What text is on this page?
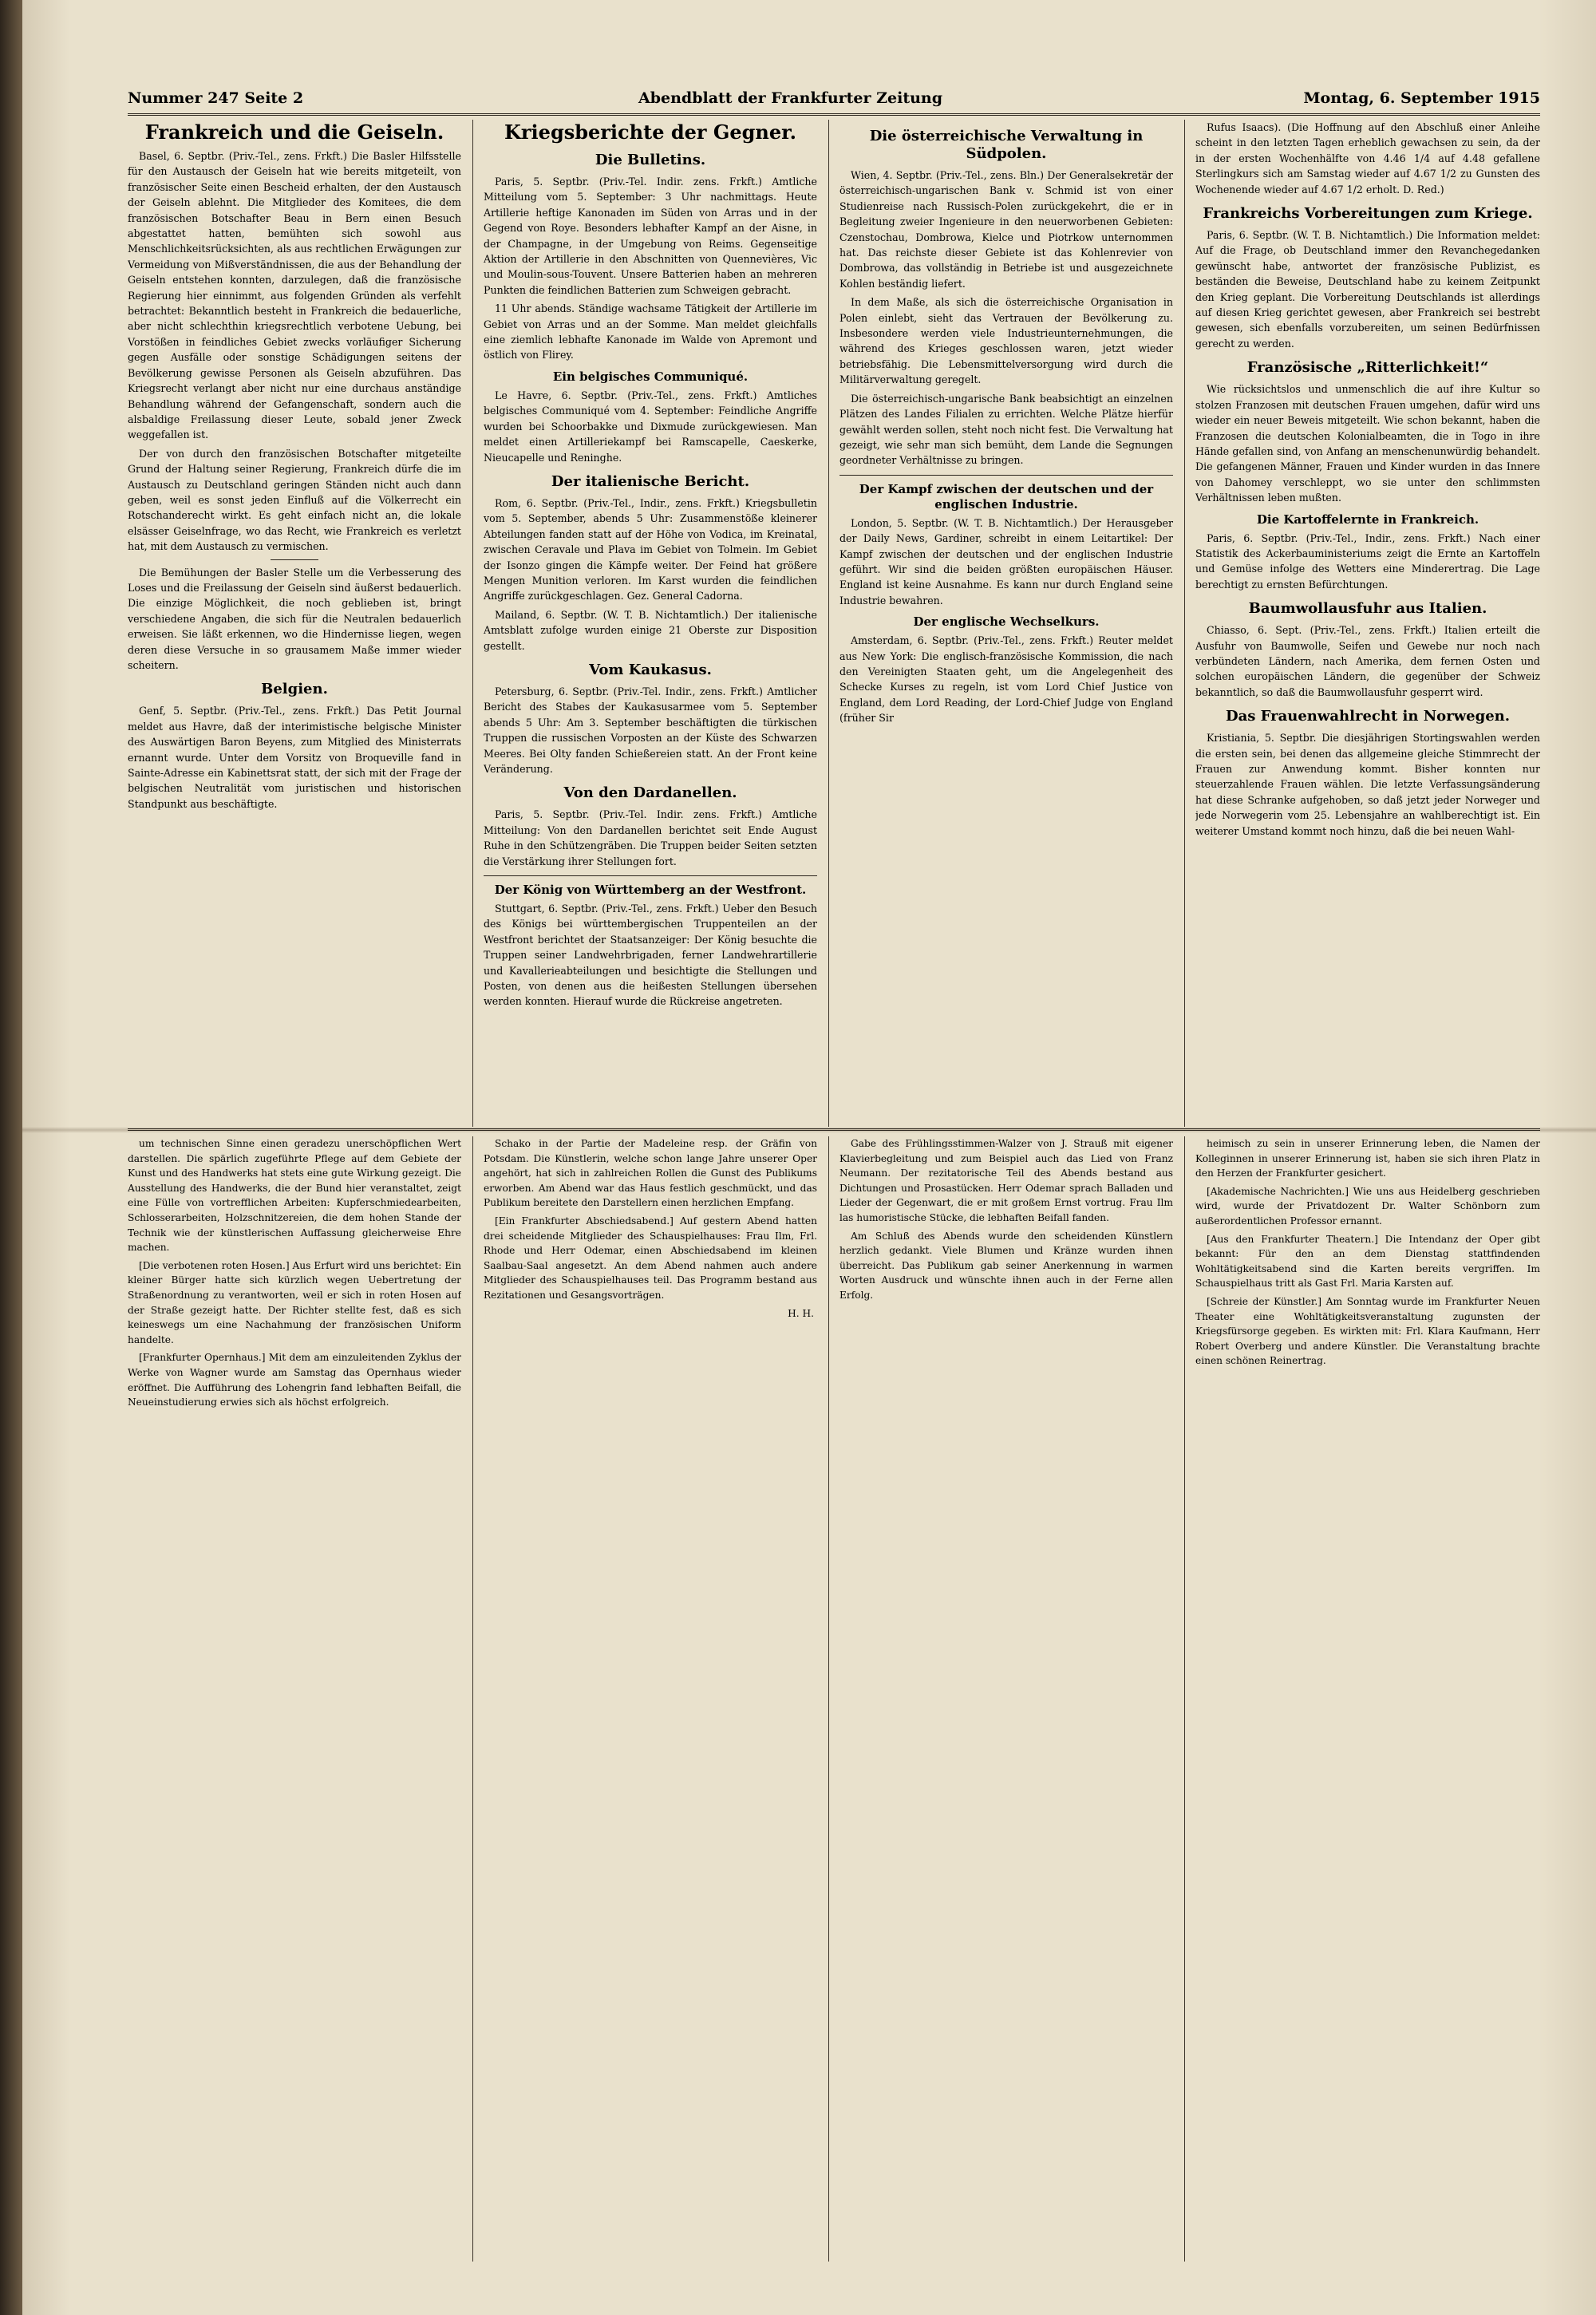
Nummer 247 Seite 2	Abendblatt der Frankfurter Zeitung	Montag, 6. September 1915
Frankreich und die Geiseln.

Basel, 6. Septbr. (Priv.-Tel., zens. Frkft.) Die Basler Hilfsstelle für den Austausch der Geiseln hat wie bereits mitgeteilt, von französischer Seite einen Bescheid erhalten, der den Austausch der Geiseln ablehnt. Die Mitglieder des Komitees, die dem französischen Botschafter Beau in Bern einen Besuch abgestattet hatten, bemühten sich sowohl aus Menschlichkeitsrücksichten, als aus rechtlichen Erwägungen zur Vermeidung von Mißverständnissen, die aus der Behandlung der Geiseln entstehen konnten, darzulegen, daß die französische Regierung hier einnimmt, aus folgenden Gründen als verfehlt betrachtet: Bekanntlich besteht in Frankreich die bedauerliche, aber nicht schlechthin kriegsrechtlich verbotene Uebung, bei Vorstößen in feindliches Gebiet zwecks vorläufiger Sicherung gegen Ausfälle oder sonstige Schädigungen seitens der Bevölkerung gewisse Personen als Geiseln abzuführen. Das Kriegsrecht verlangt aber nicht nur eine durchaus anständige Behandlung während der Gefangenschaft, sondern auch die alsbaldige Freilassung dieser Leute, sobald jener Zweck weggefallen ist.

Der von durch den französischen Botschafter mitgeteilte Grund der Haltung seiner Regierung, Frankreich dürfe die im Austausch zu Deutschland geringen Ständen nicht auch dann geben, weil es sonst jeden Einfluß auf die Völkerrecht ein Rotschanderecht wirkt. Es geht einfach nicht an, die lokale elsässer Geiselnfrage, wo das Recht, wie Frankreich es verletzt hat, mit dem Austausch zu vermischen.

Die Bemühungen der Basler Stelle um die Verbesserung des Loses und die Freilassung der Geiseln sind äußerst bedauerlich. Die einzige Möglichkeit, die noch geblieben ist, bringt verschiedene Angaben, die sich für die Neutralen bedauerlich erweisen. Sie läßt erkennen, wo die Hindernisse liegen, wegen deren diese Versuche in so grausamem Maße immer wieder scheitern.

Belgien.

Genf, 5. Septbr. (Priv.-Tel., zens. Frkft.) Das Petit Journal meldet aus Havre, daß der interimistische belgische Minister des Auswärtigen Baron Beyens, zum Mitglied des Ministerrats ernannt wurde. Unter dem Vorsitz von Broqueville fand in Sainte-Adresse ein Kabinettsrat statt, der sich mit der Frage der belgischen Neutralität vom juristischen und historischen Standpunkt aus beschäftigte.

Kriegsberichte der Gegner.
Die Bulletins.

Paris, 5. Septbr. (Priv.-Tel. Indir. zens. Frkft.) Amtliche Mitteilung vom 5. September: 3 Uhr nachmittags. Heute Artillerie heftige Kanonaden im Süden von Arras und in der Gegend von Roye. Besonders lebhafter Kampf an der Aisne, in der Champagne, in der Umgebung von Reims. Gegenseitige Aktion der Artillerie in den Abschnitten von Quennevières, Vic und Moulin-sous-Touvent. Unsere Batterien haben an mehreren Punkten die feindlichen Batterien zum Schweigen gebracht.

11 Uhr abends. Ständige wachsame Tätigkeit der Artillerie im Gebiet von Arras und an der Somme. Man meldet gleichfalls eine ziemlich lebhafte Kanonade im Walde von Apremont und östlich von Flirey.

Ein belgisches Communiqué.

Le Havre, 6. Septbr. (Priv.-Tel., zens. Frkft.) Amtliches belgisches Communiqué vom 4. September: Feindliche Angriffe wurden bei Schoorbakke und Dixmude zurückgewiesen. Man meldet einen Artilleriekampf bei Ramscapelle, Caeskerke, Nieucapelle und Reninghe.

Der italienische Bericht.

Rom, 6. Septbr. (Priv.-Tel., Indir., zens. Frkft.) Kriegsbulletin vom 5. September, abends 5 Uhr: Zusammenstöße kleinerer Abteilungen fanden statt auf der Höhe von Vodica, im Kreinatal, zwischen Ceravale und Plava im Gebiet von Tolmein. Im Gebiet der Isonzo gingen die Kämpfe weiter. Der Feind hat größere Mengen Munition verloren. Im Karst wurden die feindlichen Angriffe zurückgeschlagen. Gez. General Cadorna.

Mailand, 6. Septbr. (W. T. B. Nichtamtlich.) Der italienische Amtsblatt zufolge wurden einige 21 Oberste zur Disposition gestellt.

Vom Kaukasus.

Petersburg, 6. Septbr. (Priv.-Tel. Indir., zens. Frkft.) Amtlicher Bericht des Stabes der Kaukasusarmee vom 5. September abends 5 Uhr: Am 3. September beschäftigten die türkischen Truppen die russischen Vorposten an der Küste des Schwarzen Meeres. Bei Olty fanden Schießereien statt. An der Front keine Veränderung.

Von den Dardanellen.

Paris, 5. Septbr. (Priv.-Tel. Indir. zens. Frkft.) Amtliche Mitteilung: Von den Dardanellen berichtet seit Ende August Ruhe in den Schützengräben. Die Truppen beider Seiten setzten die Verstärkung ihrer Stellungen fort.

Der König von Württemberg an der Westfront.

Stuttgart, 6. Septbr. (Priv.-Tel., zens. Frkft.) Ueber den Besuch des Königs bei württembergischen Truppenteilen an der Westfront berichtet der Staatsanzeiger: Der König besuchte die Truppen seiner Landwehrbrigaden, ferner Landwehrartillerie und Kavallerieabteilungen und besichtigte die Stellungen und Posten, von denen aus die heißesten Stellungen übersehen werden konnten. Hierauf wurde die Rückreise angetreten.

Die österreichische Verwaltung in Südpolen.

Wien, 4. Septbr. (Priv.-Tel., zens. Bln.) Der Generalsekretär der österreichisch-ungarischen Bank v. Schmid ist von einer Studienreise nach Russisch-Polen zurückgekehrt, die er in Begleitung zweier Ingenieure in den neuerworbenen Gebieten: Czenstochau, Dombrowa, Kielce und Piotrkow unternommen hat. Das reichste dieser Gebiete ist das Kohlenrevier von Dombrowa, das vollständig in Betriebe ist und ausgezeichnete Kohlen beständig liefert.

In dem Maße, als sich die österreichische Organisation in Polen einlebt, sieht das Vertrauen der Bevölkerung zu. Insbesondere werden viele Industrieunternehmungen, die während des Krieges geschlossen waren, jetzt wieder betriebsfähig. Die Lebensmittelversorgung wird durch die Militärverwaltung geregelt.

Die österreichisch-ungarische Bank beabsichtigt an einzelnen Plätzen des Landes Filialen zu errichten. Welche Plätze hierfür gewählt werden sollen, steht noch nicht fest. Die Verwaltung hat gezeigt, wie sehr man sich bemüht, dem Lande die Segnungen geordneter Verhältnisse zu bringen.

Der Kampf zwischen der deutschen und der englischen Industrie.

London, 5. Septbr. (W. T. B. Nichtamtlich.) Der Herausgeber der Daily News, Gardiner, schreibt in einem Leitartikel: Der Kampf zwischen der deutschen und der englischen Industrie geführt. Wir sind die beiden größten europäischen Häuser. England ist keine Ausnahme. Es kann nur durch England seine Industrie bewahren.

Der englische Wechselkurs.

Amsterdam, 6. Septbr. (Priv.-Tel., zens. Frkft.) Reuter meldet aus New York: Die englisch-französische Kommission, die nach den Vereinigten Staaten geht, um die Angelegenheit des Schecke Kurses zu regeln, ist vom Lord Chief Justice von England, dem Lord Reading, der Lord-Chief Judge von England (früher Sir

Rufus Isaacs). (Die Hoffnung auf den Abschluß einer Anleihe scheint in den letzten Tagen erheblich gewachsen zu sein, da der in der ersten Wochenhälfte von 4.46 1/4 auf 4.48 gefallene Sterlingkurs sich am Samstag wieder auf 4.67 1/2 zu Gunsten des Wochenende wieder auf 4.67 1/2 erholt. D. Red.)

Frankreichs Vorbereitungen zum Kriege.

Paris, 6. Septbr. (W. T. B. Nichtamtlich.) Die Information meldet: Auf die Frage, ob Deutschland immer den Revanchegedanken gewünscht habe, antwortet der französische Publizist, es beständen die Beweise, Deutschland habe zu keinem Zeitpunkt den Krieg geplant. Die Vorbereitung Deutschlands ist allerdings auf diesen Krieg gerichtet gewesen, aber Frankreich sei bestrebt gewesen, sich ebenfalls vorzubereiten, um seinen Bedürfnissen gerecht zu werden.

Französische „Ritterlichkeit!“

Wie rücksichtslos und unmenschlich die auf ihre Kultur so stolzen Franzosen mit deutschen Frauen umgehen, dafür wird uns wieder ein neuer Beweis mitgeteilt. Wie schon bekannt, haben die Franzosen die deutschen Kolonialbeamten, die in Togo in ihre Hände gefallen sind, von Anfang an menschenunwürdig behandelt. Die gefangenen Männer, Frauen und Kinder wurden in das Innere von Dahomey verschleppt, wo sie unter den schlimmsten Verhältnissen leben mußten.

Die Kartoffelernte in Frankreich.

Paris, 6. Septbr. (Priv.-Tel., Indir., zens. Frkft.) Nach einer Statistik des Ackerbauministeriums zeigt die Ernte an Kartoffeln und Gemüse infolge des Wetters eine Minderertrag. Die Lage berechtigt zu ernsten Befürchtungen.

Baumwollausfuhr aus Italien.

Chiasso, 6. Sept. (Priv.-Tel., zens. Frkft.) Italien erteilt die Ausfuhr von Baumwolle, Seifen und Gewebe nur noch nach verbündeten Ländern, nach Amerika, dem fernen Osten und solchen europäischen Ländern, die gegenüber der Schweiz bekanntlich, so daß die Baumwollausfuhr gesperrt wird.

Das Frauenwahlrecht in Norwegen.

Kristiania, 5. Septbr. Die diesjährigen Stortingswahlen werden die ersten sein, bei denen das allgemeine gleiche Stimmrecht der Frauen zur Anwendung kommt. Bisher konnten nur steuerzahlende Frauen wählen. Die letzte Verfassungsänderung hat diese Schranke aufgehoben, so daß jetzt jeder Norweger und jede Norwegerin vom 25. Lebensjahre an wahlberechtigt ist. Ein weiterer Umstand kommt noch hinzu, daß die bei neuen Wahl-

um technischen Sinne einen geradezu unerschöpflichen Wert darstellen. Die spärlich zugeführte Pflege auf dem Gebiete der Kunst und des Handwerks hat stets eine gute Wirkung gezeigt. Die Ausstellung des Handwerks, die der Bund hier veranstaltet, zeigt eine Fülle von vortrefflichen Arbeiten: Kupferschmiedearbeiten, Schlosserarbeiten, Holzschnitzereien, die dem hohen Stande der Technik wie der künstlerischen Auffassung gleicherweise Ehre machen.

[Die verbotenen roten Hosen.] Aus Erfurt wird uns berichtet: Ein kleiner Bürger hatte sich kürzlich wegen Uebertretung der Straßenordnung zu verantworten, weil er sich in roten Hosen auf der Straße gezeigt hatte. Der Richter stellte fest, daß es sich keineswegs um eine Nachahmung der französischen Uniform handelte.

[Frankfurter Opernhaus.] Mit dem am einzuleitenden Zyklus der Werke von Wagner wurde am Samstag das Opernhaus wieder eröffnet. Die Aufführung des Lohengrin fand lebhaften Beifall, die Neueinstudierung erwies sich als höchst erfolgreich.

Schako in der Partie der Madeleine resp. der Gräfin von Potsdam. Die Künstlerin, welche schon lange Jahre unserer Oper angehört, hat sich in zahlreichen Rollen die Gunst des Publikums erworben. Am Abend war das Haus festlich geschmückt, und das Publikum bereitete den Darstellern einen herzlichen Empfang.

[Ein Frankfurter Abschiedsabend.] Auf gestern Abend hatten drei scheidende Mitglieder des Schauspielhauses: Frau Ilm, Frl. Rhode und Herr Odemar, einen Abschiedsabend im kleinen Saalbau-Saal angesetzt. An dem Abend nahmen auch andere Mitglieder des Schauspielhauses teil. Das Programm bestand aus Rezitationen und Gesangsvorträgen.

H. H.

Gabe des Frühlingsstimmen-Walzer von J. Strauß mit eigener Klavierbegleitung und zum Beispiel auch das Lied von Franz Neumann. Der rezitatorische Teil des Abends bestand aus Dichtungen und Prosastücken. Herr Odemar sprach Balladen und Lieder der Gegenwart, die er mit großem Ernst vortrug. Frau Ilm las humoristische Stücke, die lebhaften Beifall fanden.

Am Schluß des Abends wurde den scheidenden Künstlern herzlich gedankt. Viele Blumen und Kränze wurden ihnen überreicht. Das Publikum gab seiner Anerkennung in warmen Worten Ausdruck und wünschte ihnen auch in der Ferne allen Erfolg.

heimisch zu sein in unserer Erinnerung leben, die Namen der Kolleginnen in unserer Erinnerung ist, haben sie sich ihren Platz in den Herzen der Frankfurter gesichert.

[Akademische Nachrichten.] Wie uns aus Heidelberg geschrieben wird, wurde der Privatdozent Dr. Walter Schönborn zum außerordentlichen Professor ernannt.

[Aus den Frankfurter Theatern.] Die Intendanz der Oper gibt bekannt: Für den an dem Dienstag stattfindenden Wohltätigkeitsabend sind die Karten bereits vergriffen. Im Schauspielhaus tritt als Gast Frl. Maria Karsten auf.

[Schreie der Künstler.] Am Sonntag wurde im Frankfurter Neuen Theater eine Wohltätigkeitsveranstaltung zugunsten der Kriegsfürsorge gegeben. Es wirkten mit: Frl. Klara Kaufmann, Herr Robert Overberg und andere Künstler. Die Veranstaltung brachte einen schönen Reinertrag.
